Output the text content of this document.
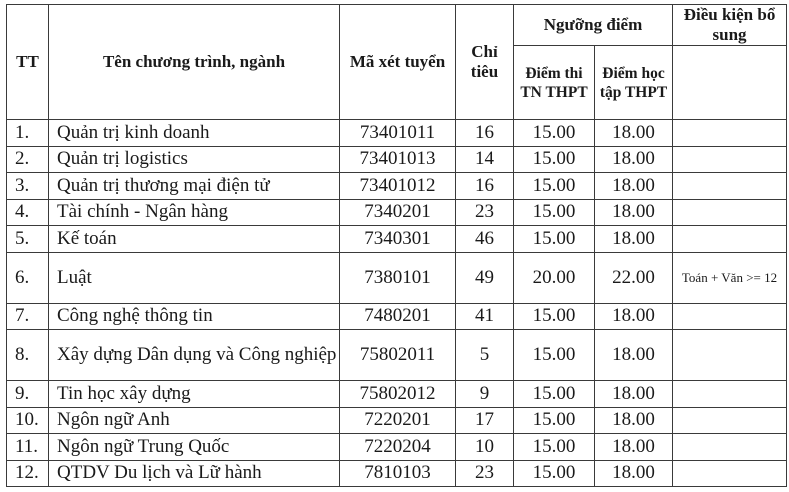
TT	Tên chương trình, ngành	Mã xét tuyển	Chỉ tiêu	Ngưỡng điểm		Điều kiện bổ sung
				Điểm thi TN THPT	Điểm học tập THPT	
1.	Quản trị kinh doanh	73401011	16	15.00	18.00	
2.	Quản trị logistics	73401013	14	15.00	18.00	
3.	Quản trị thương mại điện tử	73401012	16	15.00	18.00	
4.	Tài chính - Ngân hàng	7340201	23	15.00	18.00	
5.	Kế toán	7340301	46	15.00	18.00	
6.	Luật	7380101	49	20.00	22.00	Toán + Văn >= 12
7.	Công nghệ thông tin	7480201	41	15.00	18.00	
8.	Xây dựng Dân dụng và Công nghiệp	75802011	5	15.00	18.00	
9.	Tin học xây dựng	75802012	9	15.00	18.00	
10.	Ngôn ngữ Anh	7220201	17	15.00	18.00	
11.	Ngôn ngữ Trung Quốc	7220204	10	15.00	18.00	
12.	QTDV Du lịch và Lữ hành	7810103	23	15.00	18.00	
